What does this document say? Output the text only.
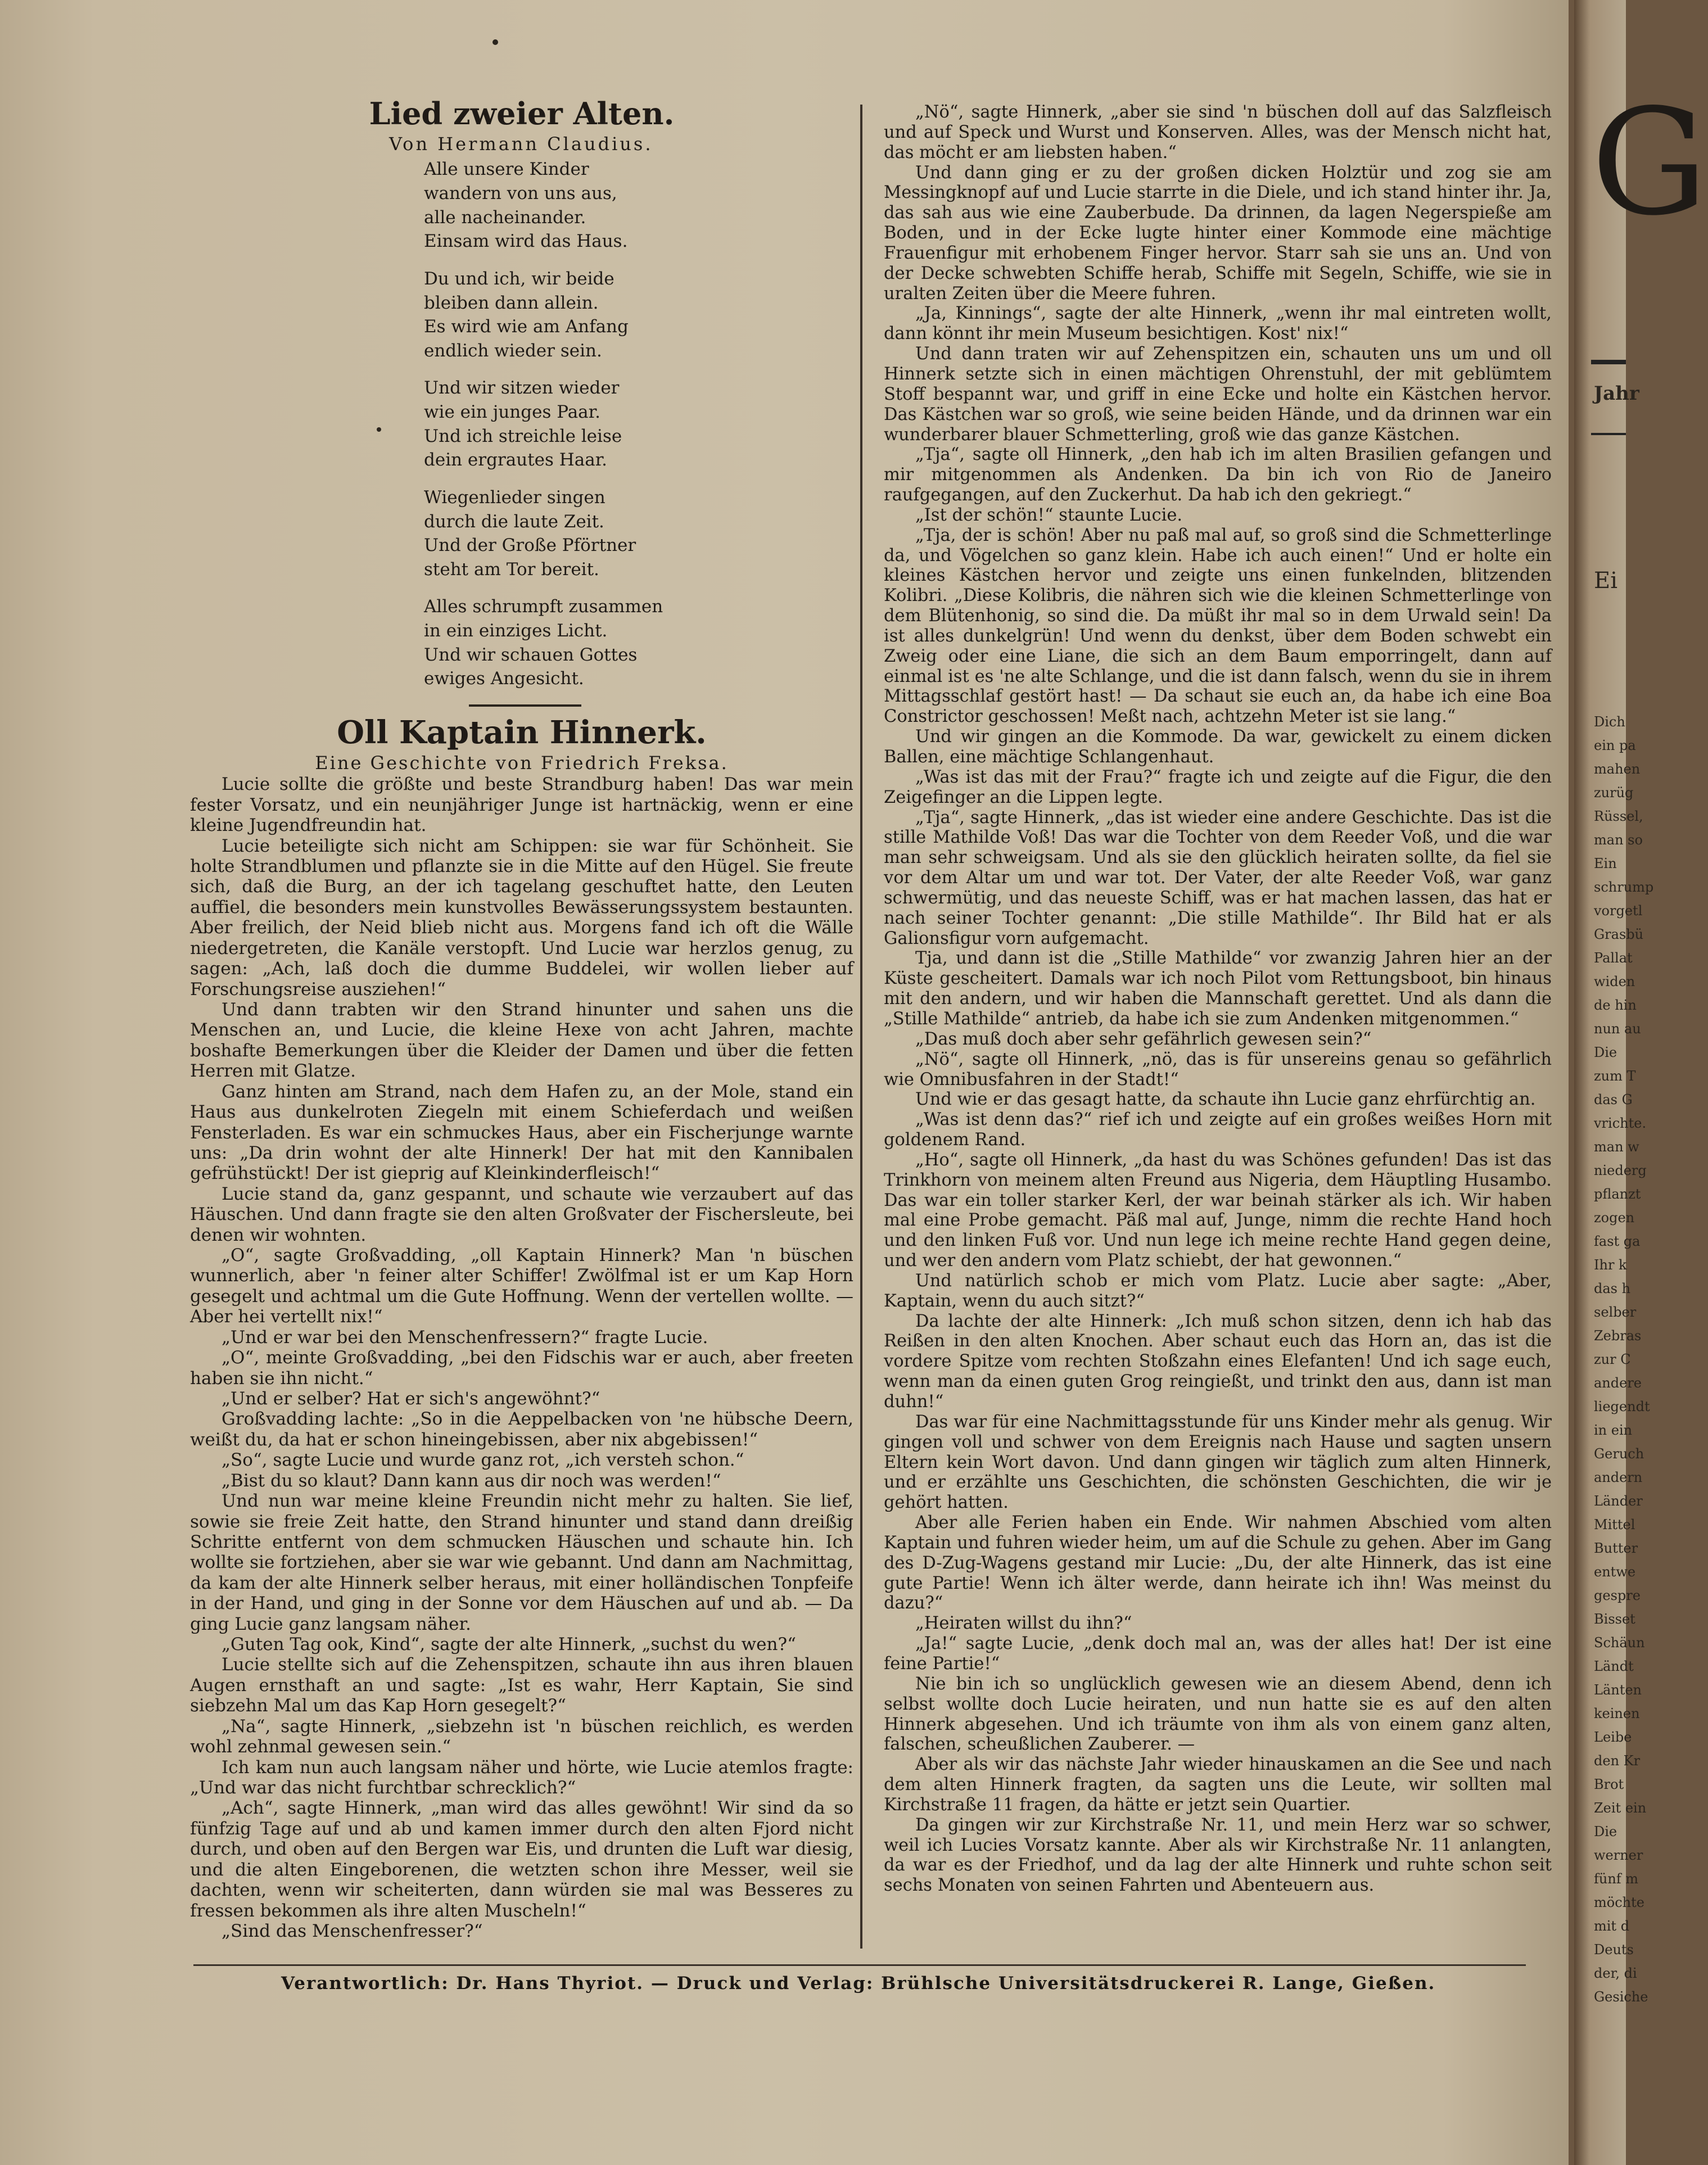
Lied zweier Alten.
Von Hermann Claudius.
Alle unsere Kinder
wandern von uns aus,
alle nacheinander.
Einsam wird das Haus.
Du und ich, wir beide
bleiben dann allein.
Es wird wie am Anfang
endlich wieder sein.
Und wir sitzen wieder
wie ein junges Paar.
Und ich streichle leise
dein ergrautes Haar.
Wiegenlieder singen
durch die laute Zeit.
Und der Große Pförtner
steht am Tor bereit.
Alles schrumpft zusammen
in ein einziges Licht.
Und wir schauen Gottes
ewiges Angesicht.
Oll Kaptain Hinnerk.
Eine Geschichte von Friedrich Freksa.

Lucie sollte die größte und beste Strandburg haben! Das war mein fester Vorsatz, und ein neunjähriger Junge ist hartnäckig, wenn er eine kleine Jugendfreundin hat.

Lucie beteiligte sich nicht am Schippen: sie war für Schönheit. Sie holte Strandblumen und pflanzte sie in die Mitte auf den Hügel. Sie freute sich, daß die Burg, an der ich tagelang geschuftet hatte, den Leuten auffiel, die besonders mein kunstvolles Bewässerungssystem bestaunten. Aber freilich, der Neid blieb nicht aus. Morgens fand ich oft die Wälle niedergetreten, die Kanäle verstopft. Und Lucie war herzlos genug, zu sagen: „Ach, laß doch die dumme Buddelei, wir wollen lieber auf Forschungsreise ausziehen!“

Und dann trabten wir den Strand hinunter und sahen uns die Menschen an, und Lucie, die kleine Hexe von acht Jahren, machte boshafte Bemerkungen über die Kleider der Damen und über die fetten Herren mit Glatze.

Ganz hinten am Strand, nach dem Hafen zu, an der Mole, stand ein Haus aus dunkelroten Ziegeln mit einem Schieferdach und weißen Fensterladen. Es war ein schmuckes Haus, aber ein Fischerjunge warnte uns: „Da drin wohnt der alte Hinnerk! Der hat mit den Kannibalen gefrühstückt! Der ist gieprig auf Kleinkinderfleisch!“

Lucie stand da, ganz gespannt, und schaute wie verzaubert auf das Häuschen. Und dann fragte sie den alten Großvater der Fischersleute, bei denen wir wohnten.

„O“, sagte Großvadding, „oll Kaptain Hinnerk? Man 'n büschen wunnerlich, aber 'n feiner alter Schiffer! Zwölfmal ist er um Kap Horn gesegelt und achtmal um die Gute Hoffnung. Wenn der vertellen wollte. — Aber hei vertellt nix!“

„Und er war bei den Menschenfressern?“ fragte Lucie.

„O“, meinte Großvadding, „bei den Fidschis war er auch, aber freeten haben sie ihn nicht.“

„Und er selber? Hat er sich's angewöhnt?“

Großvadding lachte: „So in die Aeppelbacken von 'ne hübsche Deern, weißt du, da hat er schon hineingebissen, aber nix abgebissen!“

„So“, sagte Lucie und wurde ganz rot, „ich versteh schon.“

„Bist du so klaut? Dann kann aus dir noch was werden!“

Und nun war meine kleine Freundin nicht mehr zu halten. Sie lief, sowie sie freie Zeit hatte, den Strand hinunter und stand dann dreißig Schritte entfernt von dem schmucken Häuschen und schaute hin. Ich wollte sie fortziehen, aber sie war wie gebannt. Und dann am Nachmittag, da kam der alte Hinnerk selber heraus, mit einer holländischen Tonpfeife in der Hand, und ging in der Sonne vor dem Häuschen auf und ab. — Da ging Lucie ganz langsam näher.

„Guten Tag ook, Kind“, sagte der alte Hinnerk, „suchst du wen?“

Lucie stellte sich auf die Zehenspitzen, schaute ihn aus ihren blauen Augen ernsthaft an und sagte: „Ist es wahr, Herr Kaptain, Sie sind siebzehn Mal um das Kap Horn gesegelt?“

„Na“, sagte Hinnerk, „siebzehn ist 'n büschen reichlich, es werden wohl zehnmal gewesen sein.“

Ich kam nun auch langsam näher und hörte, wie Lucie atemlos fragte: „Und war das nicht furchtbar schrecklich?“

„Ach“, sagte Hinnerk, „man wird das alles gewöhnt! Wir sind da so fünfzig Tage auf und ab und kamen immer durch den alten Fjord nicht durch, und oben auf den Bergen war Eis, und drunten die Luft war diesig, und die alten Eingeborenen, die wetzten schon ihre Messer, weil sie dachten, wenn wir scheiterten, dann würden sie mal was Besseres zu fressen bekommen als ihre alten Muscheln!“

„Sind das Menschenfresser?“

„Nö“, sagte Hinnerk, „aber sie sind 'n büschen doll auf das Salzfleisch und auf Speck und Wurst und Konserven. Alles, was der Mensch nicht hat, das möcht er am liebsten haben.“

Und dann ging er zu der großen dicken Holztür und zog sie am Messingknopf auf und Lucie starrte in die Diele, und ich stand hinter ihr. Ja, das sah aus wie eine Zauberbude. Da drinnen, da lagen Negerspieße am Boden, und in der Ecke lugte hinter einer Kommode eine mächtige Frauenfigur mit erhobenem Finger hervor. Starr sah sie uns an. Und von der Decke schwebten Schiffe herab, Schiffe mit Segeln, Schiffe, wie sie in uralten Zeiten über die Meere fuhren.

„Ja, Kinnings“, sagte der alte Hinnerk, „wenn ihr mal eintreten wollt, dann könnt ihr mein Museum besichtigen. Kost' nix!“

Und dann traten wir auf Zehenspitzen ein, schauten uns um und oll Hinnerk setzte sich in einen mächtigen Ohrenstuhl, der mit geblümtem Stoff bespannt war, und griff in eine Ecke und holte ein Kästchen hervor. Das Kästchen war so groß, wie seine beiden Hände, und da drinnen war ein wunderbarer blauer Schmetterling, groß wie das ganze Kästchen.

„Tja“, sagte oll Hinnerk, „den hab ich im alten Brasilien gefangen und mir mitgenommen als Andenken. Da bin ich von Rio de Janeiro raufgegangen, auf den Zuckerhut. Da hab ich den gekriegt.“

„Ist der schön!“ staunte Lucie.

„Tja, der is schön! Aber nu paß mal auf, so groß sind die Schmetterlinge da, und Vögelchen so ganz klein. Habe ich auch einen!“ Und er holte ein kleines Kästchen hervor und zeigte uns einen funkelnden, blitzenden Kolibri. „Diese Kolibris, die nähren sich wie die kleinen Schmetterlinge von dem Blütenhonig, so sind die. Da müßt ihr mal so in dem Urwald sein! Da ist alles dunkelgrün! Und wenn du denkst, über dem Boden schwebt ein Zweig oder eine Liane, die sich an dem Baum emporringelt, dann auf einmal ist es 'ne alte Schlange, und die ist dann falsch, wenn du sie in ihrem Mittagsschlaf gestört hast! — Da schaut sie euch an, da habe ich eine Boa Constrictor geschossen! Meßt nach, achtzehn Meter ist sie lang.“

Und wir gingen an die Kommode. Da war, gewickelt zu einem dicken Ballen, eine mächtige Schlangenhaut.

„Was ist das mit der Frau?“ fragte ich und zeigte auf die Figur, die den Zeigefinger an die Lippen legte.

„Tja“, sagte Hinnerk, „das ist wieder eine andere Geschichte. Das ist die stille Mathilde Voß! Das war die Tochter von dem Reeder Voß, und die war man sehr schweigsam. Und als sie den glücklich heiraten sollte, da fiel sie vor dem Altar um und war tot. Der Vater, der alte Reeder Voß, war ganz schwermütig, und das neueste Schiff, was er hat machen lassen, das hat er nach seiner Tochter genannt: „Die stille Mathilde“. Ihr Bild hat er als Galionsfigur vorn aufgemacht.

Tja, und dann ist die „Stille Mathilde“ vor zwanzig Jahren hier an der Küste gescheitert. Damals war ich noch Pilot vom Rettungsboot, bin hinaus mit den andern, und wir haben die Mannschaft gerettet. Und als dann die „Stille Mathilde“ antrieb, da habe ich sie zum Andenken mitgenommen.“

„Das muß doch aber sehr gefährlich gewesen sein?“

„Nö“, sagte oll Hinnerk, „nö, das is für unsereins genau so gefährlich wie Omnibusfahren in der Stadt!“

Und wie er das gesagt hatte, da schaute ihn Lucie ganz ehrfürchtig an.

„Was ist denn das?“ rief ich und zeigte auf ein großes weißes Horn mit goldenem Rand.

„Ho“, sagte oll Hinnerk, „da hast du was Schönes gefunden! Das ist das Trinkhorn von meinem alten Freund aus Nigeria, dem Häuptling Husambo. Das war ein toller starker Kerl, der war beinah stärker als ich. Wir haben mal eine Probe gemacht. Päß mal auf, Junge, nimm die rechte Hand hoch und den linken Fuß vor. Und nun lege ich meine rechte Hand gegen deine, und wer den andern vom Platz schiebt, der hat gewonnen.“

Und natürlich schob er mich vom Platz. Lucie aber sagte: „Aber, Kaptain, wenn du auch sitzt?“

Da lachte der alte Hinnerk: „Ich muß schon sitzen, denn ich hab das Reißen in den alten Knochen. Aber schaut euch das Horn an, das ist die vordere Spitze vom rechten Stoßzahn eines Elefanten! Und ich sage euch, wenn man da einen guten Grog reingießt, und trinkt den aus, dann ist man duhn!“

Das war für eine Nachmittagsstunde für uns Kinder mehr als genug. Wir gingen voll und schwer von dem Ereignis nach Hause und sagten unsern Eltern kein Wort davon. Und dann gingen wir täglich zum alten Hinnerk, und er erzählte uns Geschichten, die schönsten Geschichten, die wir je gehört hatten.

Aber alle Ferien haben ein Ende. Wir nahmen Abschied vom alten Kaptain und fuhren wieder heim, um auf die Schule zu gehen. Aber im Gang des D-Zug-Wagens gestand mir Lucie: „Du, der alte Hinnerk, das ist eine gute Partie! Wenn ich älter werde, dann heirate ich ihn! Was meinst du dazu?“

„Heiraten willst du ihn?“

„Ja!“ sagte Lucie, „denk doch mal an, was der alles hat! Der ist eine feine Partie!“

Nie bin ich so unglücklich gewesen wie an diesem Abend, denn ich selbst wollte doch Lucie heiraten, und nun hatte sie es auf den alten Hinnerk abgesehen. Und ich träumte von ihm als von einem ganz alten, falschen, scheußlichen Zauberer. —

Aber als wir das nächste Jahr wieder hinauskamen an die See und nach dem alten Hinnerk fragten, da sagten uns die Leute, wir sollten mal Kirchstraße 11 fragen, da hätte er jetzt sein Quartier.

Da gingen wir zur Kirchstraße Nr. 11, und mein Herz war so schwer, weil ich Lucies Vorsatz kannte. Aber als wir Kirchstraße Nr. 11 anlangten, da war es der Friedhof, und da lag der alte Hinnerk und ruhte schon seit sechs Monaten von seinen Fahrten und Abenteuern aus.

Verantwortlich: Dr. Hans Thyriot. — Druck und Verlag: Brühlsche Universitätsdruckerei R. Lange, Gießen.
G
Jahr
Ei
Dich
ein pa
mahen
zurüg
Rüssel,
man so
Ein
schrump
vorgetl
Grasbü
Pallat
widen
de hin
nun au
Die
zum T
das G
vrichte.
man w
niederg
pflanzt
zogen
fast ga
Ihr k
das h
selber
Zebras
zur C
andere
liegendt
in ein
Geruch
andern
Länder
Mittel
Butter
entwe
gespre
Bisset
Schäun
Ländt
Länten
keinen
Leibe
den Kr
Brot
Zeit ein
Die
werner
fünf m
möchte
mit d
Deuts
der, di
Gesiche
